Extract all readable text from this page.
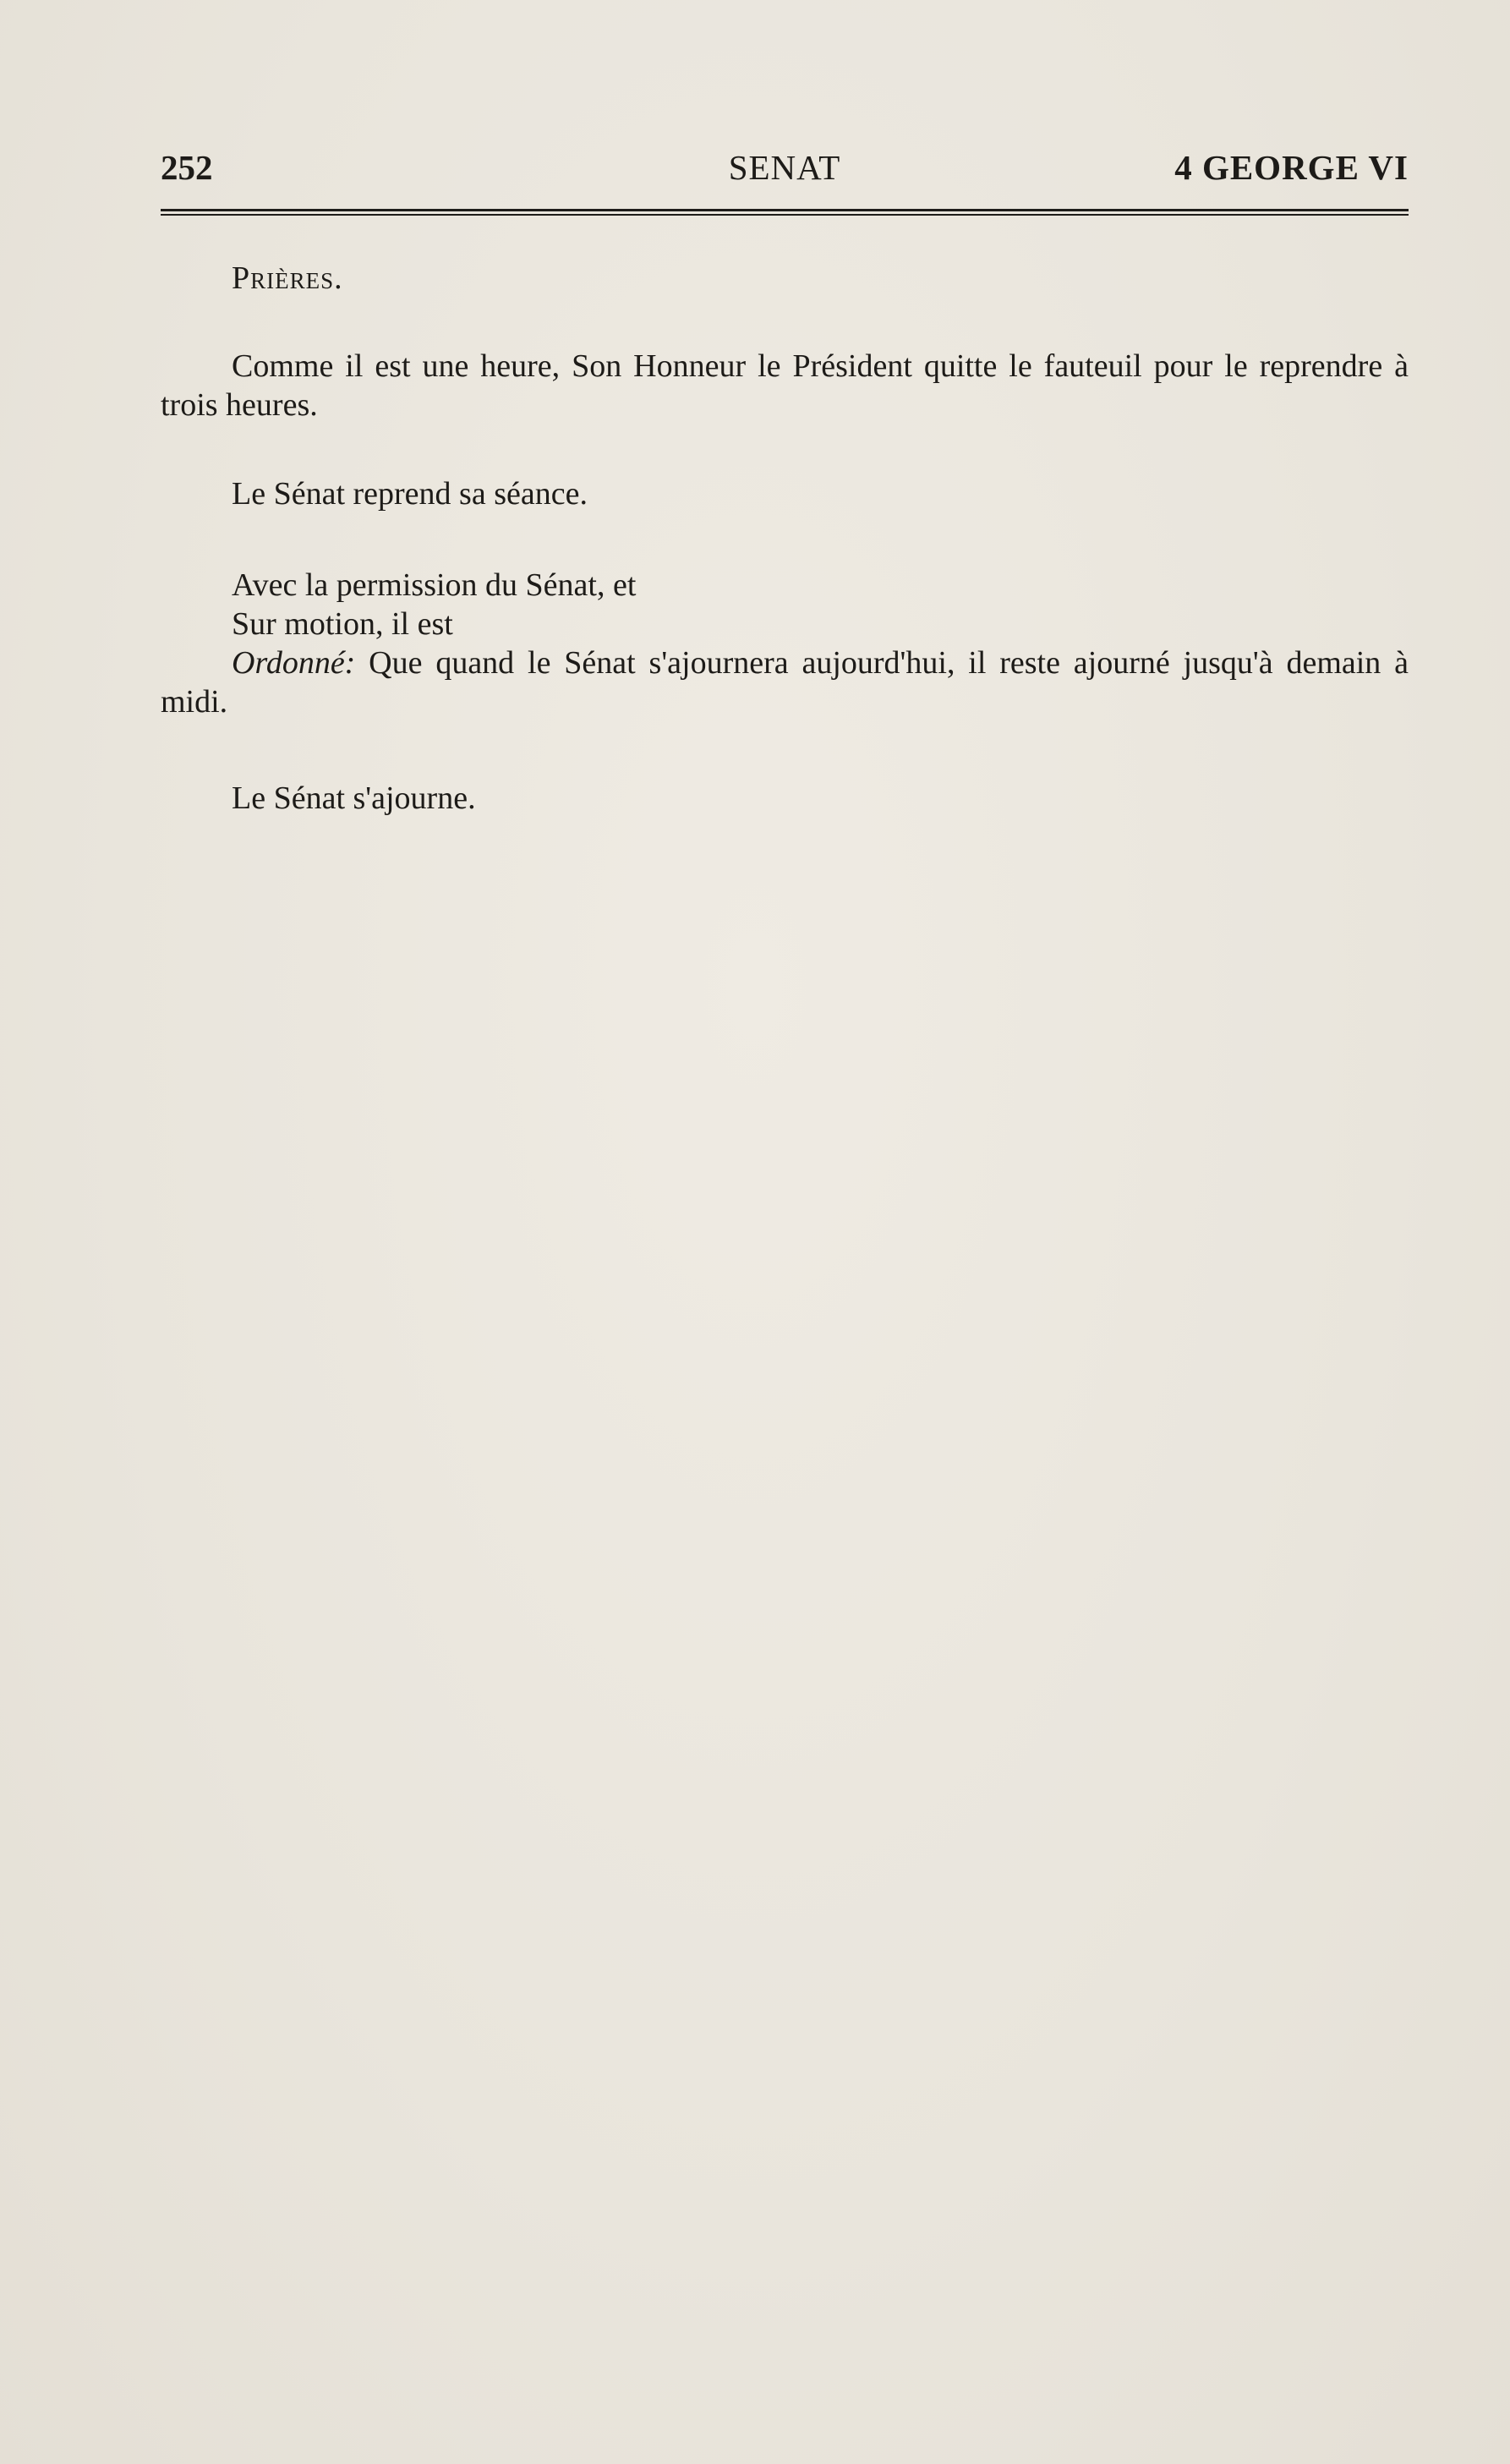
252	SENAT	4 GEORGE VI

Prières.

Comme il est une heure, Son Honneur le Président quitte le fauteuil pour le reprendre à trois heures.

Le Sénat reprend sa séance.

Avec la permission du Sénat, et

Sur motion, il est

Ordonné: Que quand le Sénat s'ajournera aujourd'hui, il reste ajourné jusqu'à demain à midi.

Le Sénat s'ajourne.
